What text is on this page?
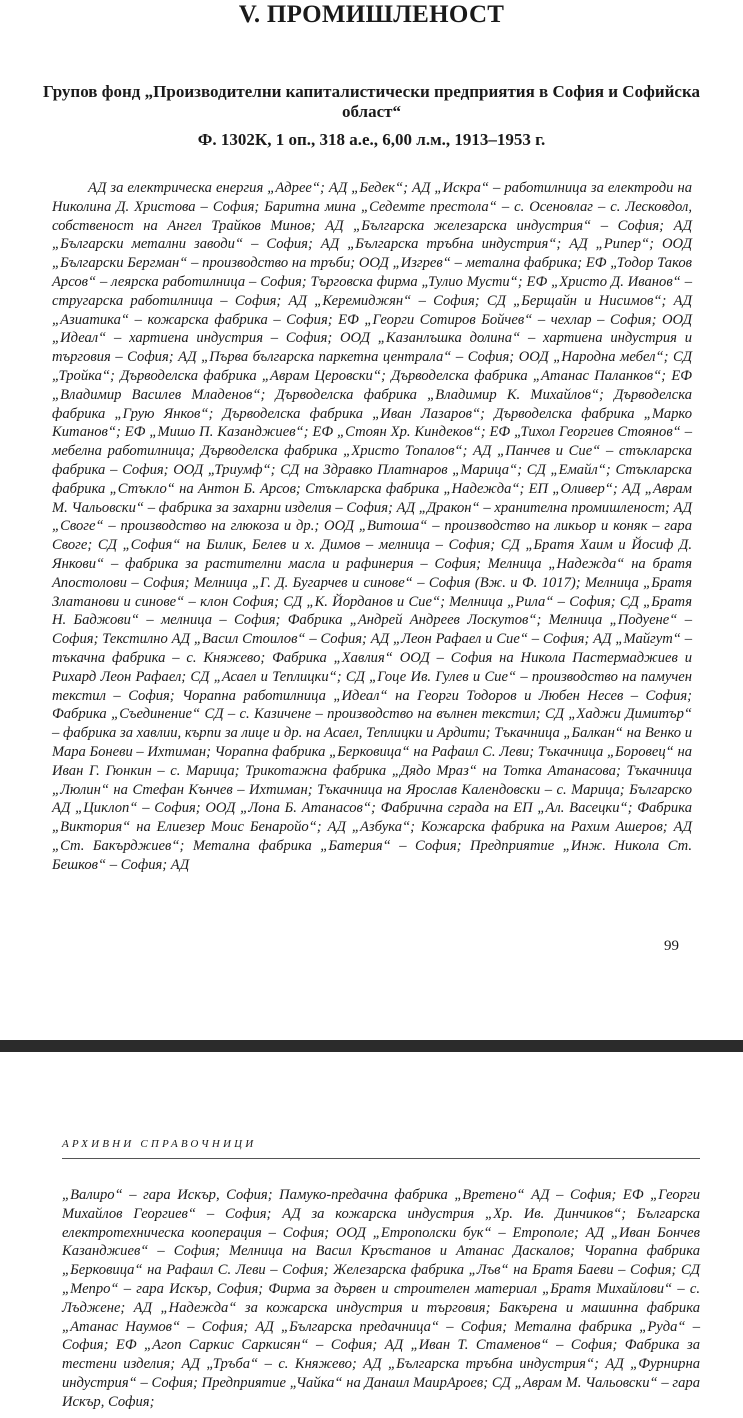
V. ПРОМИШЛЕНОСТ
Групов фонд „Производителни капиталистически предприятия в София и Софийска област“
Ф. 1302К, 1 оп., 318 а.е., 6,00 л.м., 1913–1953 г.

АД за електрическа енергия „Адрее“; АД „Бедек“; АД „Искра“ – работилница за електроди на Николина Д. Христова – София; Баритна мина „Седемте престола“ – с. Осеновлаг – с. Лесковдол, собственост на Ангел Трайков Минов; АД „Българска железарска индустрия“ – София; АД „Български метални заводи“ – София; АД „Българска тръбна индустрия“; АД „Рипер“; ООД „Български Бергман“ – производство на тръби; ООД „Изгрев“ – метална фабрика; ЕФ „Тодор Таков Арсов“ – леярска работилница – София; Търговска фирма „Тулио Мусти“; ЕФ „Христо Д. Иванов“ – стругарска работилница – София; АД „Керемиджян“ – София; СД „Берщайн и Нисимов“; АД „Азиатика“ – кожарска фабрика – София; ЕФ „Георги Сотиров Бойчев“ – чехлар – София; ООД „Идеал“ – хартиена индустрия – София; ООД „Казанлъшка долина“ – хартиена индустрия и търговия – София; АД „Първа българска паркетна централа“ – София; ООД „Народна мебел“; СД „Тройка“; Дърводелска фабрика „Аврам Церовски“; Дърводелска фабрика „Атанас Паланков“; ЕФ „Владимир Василев Младенов“; Дърводелска фабрика „Владимир К. Михайлов“; Дърводелска фабрика „Грую Янков“; Дърводелска фабрика „Иван Лазаров“; Дърводелска фабрика „Марко Китанов“; ЕФ „Мишо П. Казанджиев“; ЕФ „Стоян Хр. Киндеков“; ЕФ „Тихол Георгиев Стоянов“ – мебелна работилница; Дърводелска фабрика „Христо Топалов“; АД „Панчев и Сие“ – стъкларска фабрика – София; ООД „Триумф“; СД на Здравко Платнаров „Марица“; СД „Емайл“; Стъкларска фабрика „Стъкло“ на Антон Б. Арсов; Стъкларска фабрика „Надежда“; ЕП „Оливер“; АД „Аврам М. Чальовски“ – фабрика за захарни изделия – София; АД „Дракон“ – хранителна промишленост; АД „Своге“ – производство на глюкоза и др.; ООД „Витоша“ – производство на ликьор и коняк – гара Своге; СД „София“ на Билик, Белев и х. Димов – мелница – София; СД „Братя Хаим и Йосиф Д. Янкови“ – фабрика за растителни масла и рафинерия – София; Мелница „Надежда“ на братя Апостолови – София; Мелница „Г. Д. Бугарчев и синове“ – София (Вж. и Ф. 1017); Мелница „Братя Златанови и синове“ – клон София; СД „К. Йорданов и Сие“; Мелница „Рила“ – София; СД „Братя Н. Баджови“ – мелница – София; Фабрика „Андрей Андреев Лоскутов“; Мелница „Подуене“ – София; Текстилно АД „Васил Стоилов“ – София; АД „Леон Рафаел и Сие“ – София; АД „Майгут“ – тъкачна фабрика – с. Княжево; Фабрика „Хавлия“ ООД – София на Никола Пастермаджиев и Рихард Леон Рафаел; СД „Асаел и Теплицки“; СД „Гоце Ив. Гулев и Сие“ – производство на памучен текстил – София; Чорапна работилница „Идеал“ на Георги Тодоров и Любен Несев – София; Фабрика „Съединение“ СД – с. Казичене – производство на вълнен текстил; СД „Хаджи Димитър“ – фабрика за хавлии, кърпи за лице и др. на Асаел, Теплицки и Ардити; Тъкачница „Балкан“ на Венко и Мара Боневи – Ихтиман; Чорапна фабрика „Берковица“ на Рафаил С. Леви; Тъкачница „Боровец“ на Иван Г. Гюнкин – с. Марица; Трикотажна фабрика „Дядо Мраз“ на Тотка Атанасова; Тъкачница „Люлин“ на Стефан Кънчев – Ихтиман; Тъкачница на Ярослав Календовски – с. Марица; Българско АД „Циклоп“ – София; ООД „Лона Б. Атанасов“; Фабрична сграда на ЕП „Ал. Васецки“; Фабрика „Виктория“ на Елиезер Моис Бенаройо“; АД „Азбука“; Кожарска фабрика на Рахим Ашеров; АД „Ст. Бакърджиев“; Метална фабрика „Батерия“ – София; Предприятие „Инж. Никола Ст. Бешков“ – София; АД

99
АРХИВНИ СПРАВОЧНИЦИ

„Валиро“ – гара Искър, София; Памуко-предачна фабрика „Вретено“ АД – София; ЕФ „Георги Михайлов Георгиев“ – София; АД за кожарска индустрия „Хр. Ив. Динчиков“; Българска електротехническа кооперация – София; ООД „Етрополски бук“ – Етрополе; АД „Иван Бончев Казанджиев“ – София; Мелница на Васил Кръстанов и Атанас Даскалов; Чорапна фабрика „Берковица“ на Рафаил С. Леви – София; Железарска фабрика „Лъв“ на Братя Баеви – София; СД „Мепро“ – гара Искър, София; Фирма за дървен и строителен материал „Братя Михайлови“ – с. Лъджене; АД „Надежда“ за кожарска индустрия и търговия; Бакърена и машинна фабрика „Атанас Наумов“ – София; АД „Българска предачница“ – София; Метална фабрика „Руда“ – София; ЕФ „Агоп Саркис Саркисян“ – София; АД „Иван Т. Стаменов“ – София; Фабрика за тестени изделия; АД „Тръба“ – с. Княжево; АД „Българска тръбна индустрия“; АД „Фурнирна индустрия“ – София; Предприятие „Чайка“ на Данаил МаирАроев; СД „Аврам М. Чальовски“ – гара Искър, София;
